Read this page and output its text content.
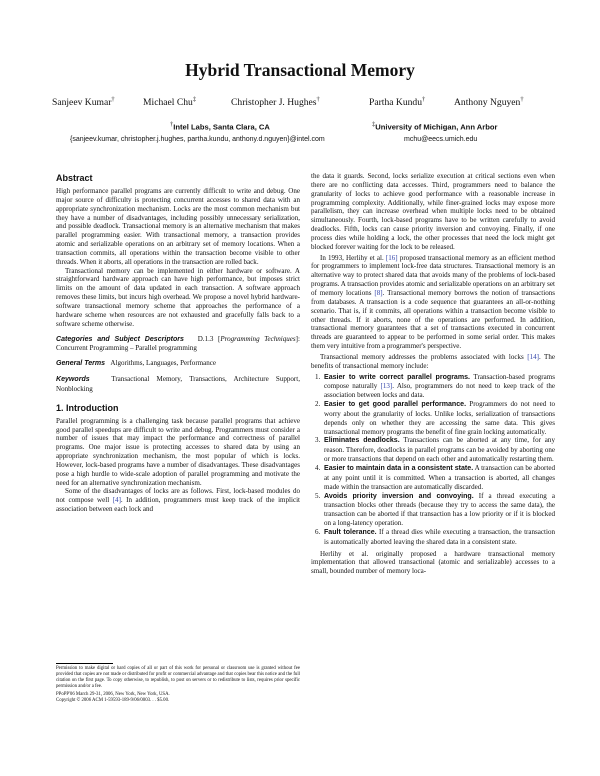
Hybrid Transactional Memory
Sanjeev Kumar†	Michael Chu‡	Christopher J. Hughes†	Partha Kundu†	Anthony Nguyen†
†Intel Labs, Santa Clara, CA
{sanjeev.kumar, christopher.j.hughes, partha.kundu, anthony.d.nguyen}@intel.com
‡University of Michigan, Ann Arbor
mchu@eecs.umich.edu
Abstract

High performance parallel programs are currently difficult to write and debug. One major source of difficulty is protecting concurrent accesses to shared data with an appropriate synchronization mechanism. Locks are the most common mechanism but they have a number of disadvantages, including possibly unnecessary serialization, and possible deadlock. Transactional memory is an alternative mechanism that makes parallel programming easier. With transactional memory, a transaction provides atomic and serializable operations on an arbitrary set of memory locations. When a transaction commits, all operations within the transaction become visible to other threads. When it aborts, all operations in the transaction are rolled back.

Transactional memory can be implemented in either hardware or software. A straightforward hardware approach can have high performance, but imposes strict limits on the amount of data updated in each transaction. A software approach removes these limits, but incurs high overhead. We propose a novel hybrid hardware-software transactional memory scheme that approaches the performance of a hardware scheme when resources are not exhausted and gracefully falls back to a software scheme otherwise.

Categories and Subject Descriptors D.1.3 [Programming Techniques]: Concurrent Programming – Parallel programming

General Terms Algorithms, Languages, Performance

Keywords	Transactional Memory, Transactions, Architecture Support, Nonblocking

1. Introduction

Parallel programming is a challenging task because parallel programs that achieve good parallel speedups are difficult to write and debug. Programmers must consider a number of issues that may impact the performance and correctness of parallel programs. One major issue is protecting accesses to shared data by using an appropriate synchronization mechanism, the most popular of which is locks. However, lock-based programs have a number of disadvantages. These disadvantages pose a high hurdle to wide-scale adoption of parallel programming and motivate the need for an alternative synchronization mechanism.

Some of the disadvantages of locks are as follows. First, lock-based modules do not compose well [4]. In addition, programmers must keep track of the implicit association between each lock and

Permission to make digital or hard copies of all or part of this work for personal or classroom use is granted without fee provided that copies are not made or distributed for profit or commercial advantage and that copies bear this notice and the full citation on the first page. To copy otherwise, to republish, to post on servers or to redistribute to lists, requires prior specific permission and/or a fee.

PPoPP'06 March 29-31, 2006, New York, New York, USA.

Copyright © 2006 ACM 1-59593-189-9/06/0003. . . $5.00.

the data it guards. Second, locks serialize execution at critical sections even when there are no conflicting data accesses. Third, programmers need to balance the granularity of locks to achieve good performance with a reasonable increase in programming complexity. Additionally, while finer-grained locks may expose more parallelism, they can increase overhead when multiple locks need to be obtained simultaneously. Fourth, lock-based programs have to be written carefully to avoid deadlocks. Fifth, locks can cause priority inversion and convoying. Finally, if one process dies while holding a lock, the other processes that need the lock might get blocked forever waiting for the lock to be released.

In 1993, Herlihy et al. [16] proposed transactional memory as an efficient method for programmers to implement lock-free data structures. Transactional memory is an alternative way to protect shared data that avoids many of the problems of lock-based programs. A transaction provides atomic and serializable operations on an arbitrary set of memory locations [8]. Transactional memory borrows the notion of transactions from databases. A transaction is a code sequence that guarantees an all-or-nothing scenario. That is, if it commits, all operations within a transaction become visible to other threads. If it aborts, none of the operations are performed. In addition, transactional memory guarantees that a set of transactions executed in concurrent threads are guaranteed to appear to be performed in some serial order. This makes them very intuitive from a programmer's perspective.

Transactional memory addresses the problems associated with locks [14]. The benefits of transactional memory include:

1. Easier to write correct parallel programs. Transaction-based programs compose naturally [13]. Also, programmers do not need to keep track of the association between locks and data.
2. Easier to get good parallel performance. Programmers do not need to worry about the granularity of locks. Unlike locks, serialization of transactions depends only on whether they are accessing the same data. This gives transactional memory programs the benefit of fine grain locking automatically.
3. Eliminates deadlocks. Transactions can be aborted at any time, for any reason. Therefore, deadlocks in parallel programs can be avoided by aborting one or more transactions that depend on each other and automatically restarting them.
4. Easier to maintain data in a consistent state. A transaction can be aborted at any point until it is committed. When a transaction is aborted, all changes made within the transaction are automatically discarded.
5. Avoids priority inversion and convoying. If a thread executing a transaction blocks other threads (because they try to access the same data), the transaction can be aborted if that transaction has a low priority or if it is blocked on a long-latency operation.
6. Fault tolerance. If a thread dies while executing a transaction, the transaction is automatically aborted leaving the shared data in a consistent state.

Herlihy et al. originally proposed a hardware transactional memory implementation that allowed transactional (atomic and serializable) accesses to a small, bounded number of memory loca-
